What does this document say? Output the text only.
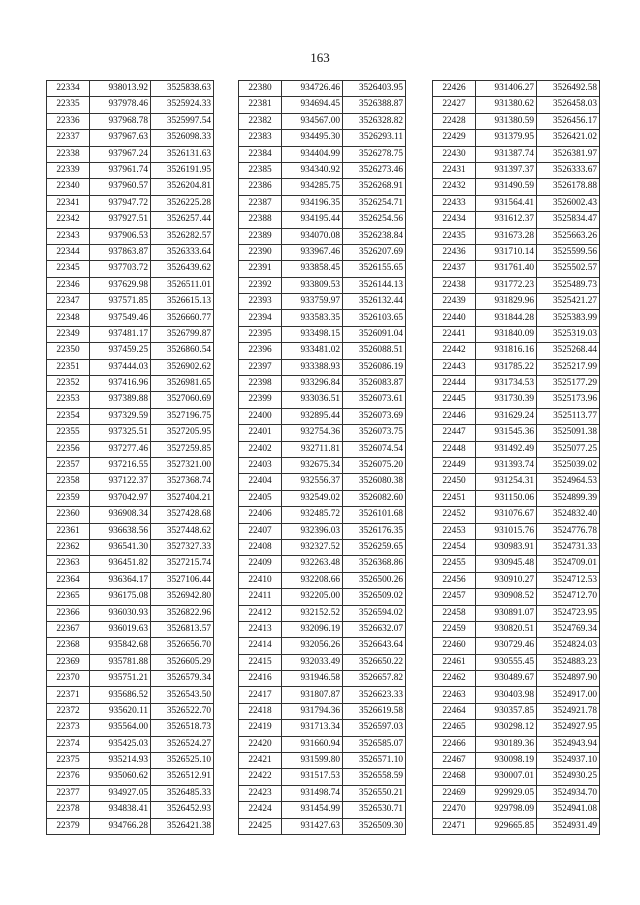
163
22334	938013.92	3525838.63
22335	937978.46	3525924.33
22336	937968.78	3525997.54
22337	937967.63	3526098.33
22338	937967.24	3526131.63
22339	937961.74	3526191.95
22340	937960.57	3526204.81
22341	937947.72	3526225.28
22342	937927.51	3526257.44
22343	937906.53	3526282.57
22344	937863.87	3526333.64
22345	937703.72	3526439.62
22346	937629.98	3526511.01
22347	937571.85	3526615.13
22348	937549.46	3526660.77
22349	937481.17	3526799.87
22350	937459.25	3526860.54
22351	937444.03	3526902.62
22352	937416.96	3526981.65
22353	937389.88	3527060.69
22354	937329.59	3527196.75
22355	937325.51	3527205.95
22356	937277.46	3527259.85
22357	937216.55	3527321.00
22358	937122.37	3527368.74
22359	937042.97	3527404.21
22360	936908.34	3527428.68
22361	936638.56	3527448.62
22362	936541.30	3527327.33
22363	936451.82	3527215.74
22364	936364.17	3527106.44
22365	936175.08	3526942.80
22366	936030.93	3526822.96
22367	936019.63	3526813.57
22368	935842.68	3526656.70
22369	935781.88	3526605.29
22370	935751.21	3526579.34
22371	935686.52	3526543.50
22372	935620.11	3526522.70
22373	935564.00	3526518.73
22374	935425.03	3526524.27
22375	935214.93	3526525.10
22376	935060.62	3526512.91
22377	934927.05	3526485.33
22378	934838.41	3526452.93
22379	934766.28	3526421.38
22380	934726.46	3526403.95
22381	934694.45	3526388.87
22382	934567.00	3526328.82
22383	934495.30	3526293.11
22384	934404.99	3526278.75
22385	934340.92	3526273.46
22386	934285.75	3526268.91
22387	934196.35	3526254.71
22388	934195.44	3526254.56
22389	934070.08	3526238.84
22390	933967.46	3526207.69
22391	933858.45	3526155.65
22392	933809.53	3526144.13
22393	933759.97	3526132.44
22394	933583.35	3526103.65
22395	933498.15	3526091.04
22396	933481.02	3526088.51
22397	933388.93	3526086.19
22398	933296.84	3526083.87
22399	933036.51	3526073.61
22400	932895.44	3526073.69
22401	932754.36	3526073.75
22402	932711.81	3526074.54
22403	932675.34	3526075.20
22404	932556.37	3526080.38
22405	932549.02	3526082.60
22406	932485.72	3526101.68
22407	932396.03	3526176.35
22408	932327.52	3526259.65
22409	932263.48	3526368.86
22410	932208.66	3526500.26
22411	932205.00	3526509.02
22412	932152.52	3526594.02
22413	932096.19	3526632.07
22414	932056.26	3526643.64
22415	932033.49	3526650.22
22416	931946.58	3526657.82
22417	931807.87	3526623.33
22418	931794.36	3526619.58
22419	931713.34	3526597.03
22420	931660.94	3526585.07
22421	931599.80	3526571.10
22422	931517.53	3526558.59
22423	931498.74	3526550.21
22424	931454.99	3526530.71
22425	931427.63	3526509.30
22426	931406.27	3526492.58
22427	931380.62	3526458.03
22428	931380.59	3526456.17
22429	931379.95	3526421.02
22430	931387.74	3526381.97
22431	931397.37	3526333.67
22432	931490.59	3526178.88
22433	931564.41	3526002.43
22434	931612.37	3525834.47
22435	931673.28	3525663.26
22436	931710.14	3525599.56
22437	931761.40	3525502.57
22438	931772.23	3525489.73
22439	931829.96	3525421.27
22440	931844.28	3525383.99
22441	931840.09	3525319.03
22442	931816.16	3525268.44
22443	931785.22	3525217.99
22444	931734.53	3525177.29
22445	931730.39	3525173.96
22446	931629.24	3525113.77
22447	931545.36	3525091.38
22448	931492.49	3525077.25
22449	931393.74	3525039.02
22450	931254.31	3524964.53
22451	931150.06	3524899.39
22452	931076.67	3524832.40
22453	931015.76	3524776.78
22454	930983.91	3524731.33
22455	930945.48	3524709.01
22456	930910.27	3524712.53
22457	930908.52	3524712.70
22458	930891.07	3524723.95
22459	930820.51	3524769.34
22460	930729.46	3524824.03
22461	930555.45	3524883.23
22462	930489.67	3524897.90
22463	930403.98	3524917.00
22464	930357.85	3524921.78
22465	930298.12	3524927.95
22466	930189.36	3524943.94
22467	930098.19	3524937.10
22468	930007.01	3524930.25
22469	929929.05	3524934.70
22470	929798.09	3524941.08
22471	929665.85	3524931.49
